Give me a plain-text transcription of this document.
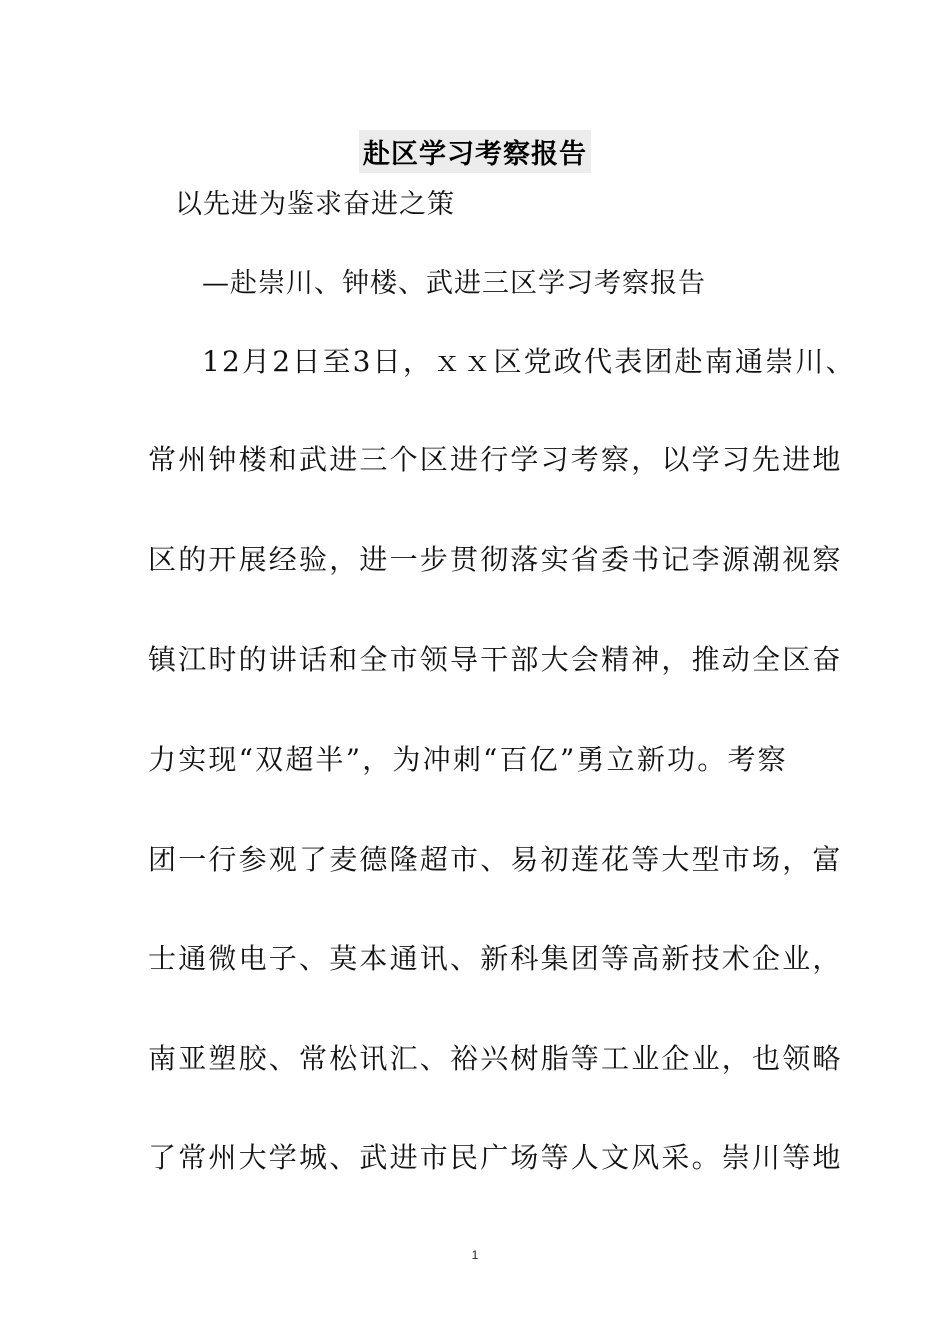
赴区学习考察报告
以先进为鉴求奋进之策
—赴崇川、钟楼、武进三区学习考察报告
12月2日至3日，ｘｘ区党政代表团赴南通崇川、
常州钟楼和武进三个区进行学习考察，以学习先进地
区的开展经验，进一步贯彻落实省委书记李源潮视察
镇江时的讲话和全市领导干部大会精神，推动全区奋
力实现“双超半”，为冲刺“百亿”勇立新功。考察
团一行参观了麦德隆超市、易初莲花等大型市场，富
士通微电子、莫本通讯、新科集团等高新技术企业，
南亚塑胶、常松讯汇、裕兴树脂等工业企业，也领略
了常州大学城、武进市民广场等人文风采。崇川等地
1
